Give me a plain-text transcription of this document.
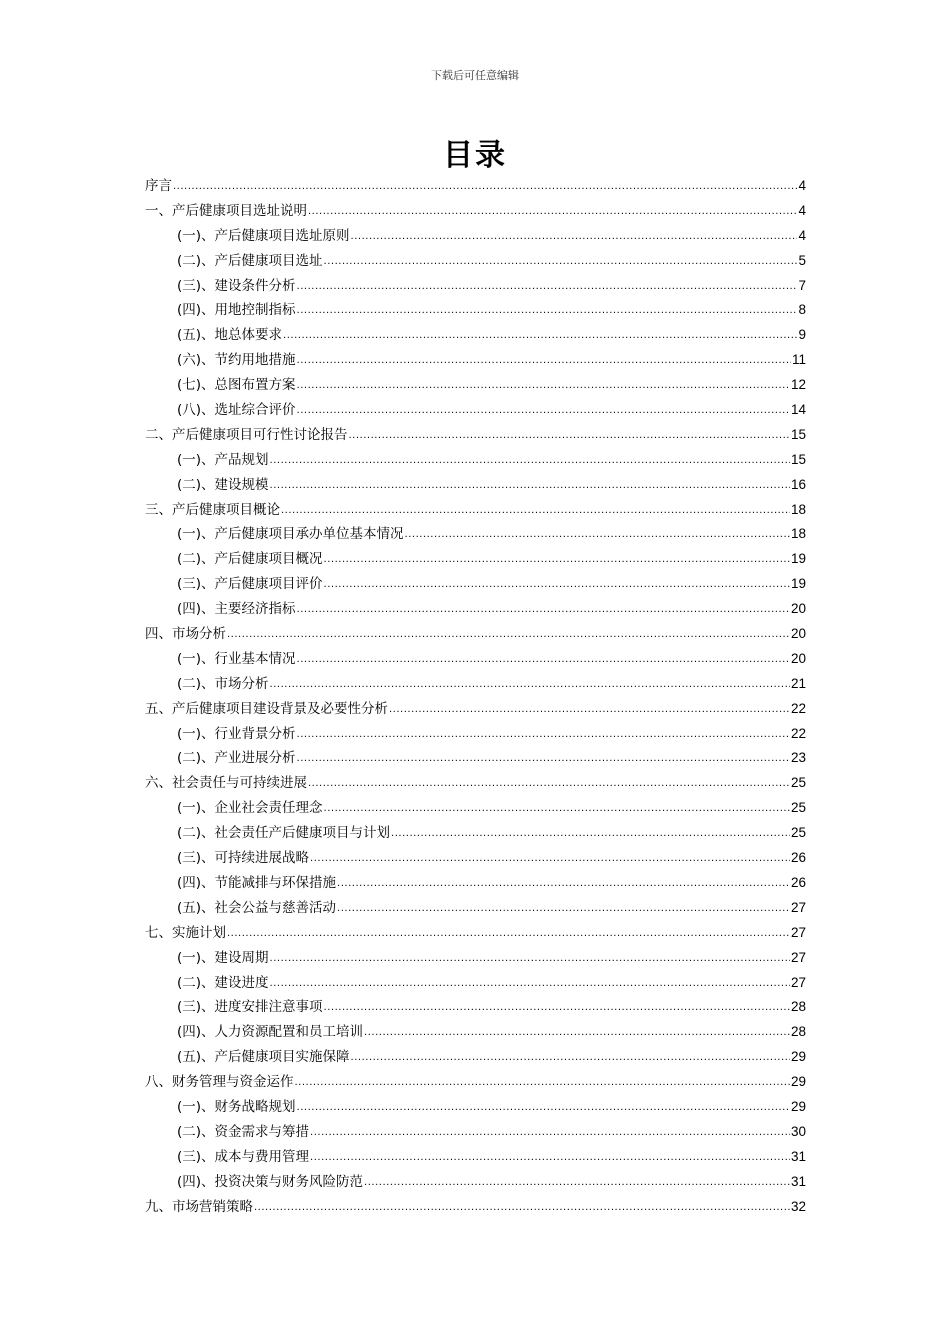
下载后可任意编辑
目录
序言 .....	4
一、产后健康项目选址说明 .....	4
(一)、产后健康项目选址原则 .....	4
(二)、产后健康项目选址 .....	5
(三)、建设条件分析 .....	7
(四)、用地控制指标 .....	8
(五)、地总体要求 .....	9
(六)、节约用地措施 .....	11
(七)、总图布置方案 .....	12
(八)、选址综合评价 .....	14
二、产后健康项目可行性讨论报告 .....	15
(一)、产品规划 .....	15
(二)、建设规模 .....	16
三、产后健康项目概论 .....	18
(一)、产后健康项目承办单位基本情况 .....	18
(二)、产后健康项目概况 .....	19
(三)、产后健康项目评价 .....	19
(四)、主要经济指标 .....	20
四、市场分析 .....	20
(一)、行业基本情况 .....	20
(二)、市场分析 .....	21
五、产后健康项目建设背景及必要性分析 .....	22
(一)、行业背景分析 .....	22
(二)、产业进展分析 .....	23
六、社会责任与可持续进展 .....	25
(一)、企业社会责任理念 .....	25
(二)、社会责任产后健康项目与计划 .....	25
(三)、可持续进展战略 .....	26
(四)、节能减排与环保措施 .....	26
(五)、社会公益与慈善活动 .....	27
七、实施计划 .....	27
(一)、建设周期 .....	27
(二)、建设进度 .....	27
(三)、进度安排注意事项 .....	28
(四)、人力资源配置和员工培训 .....	28
(五)、产后健康项目实施保障 .....	29
八、财务管理与资金运作 .....	29
(一)、财务战略规划 .....	29
(二)、资金需求与筹措 .....	30
(三)、成本与费用管理 .....	31
(四)、投资决策与财务风险防范 .....	31
九、市场营销策略 .....	32
